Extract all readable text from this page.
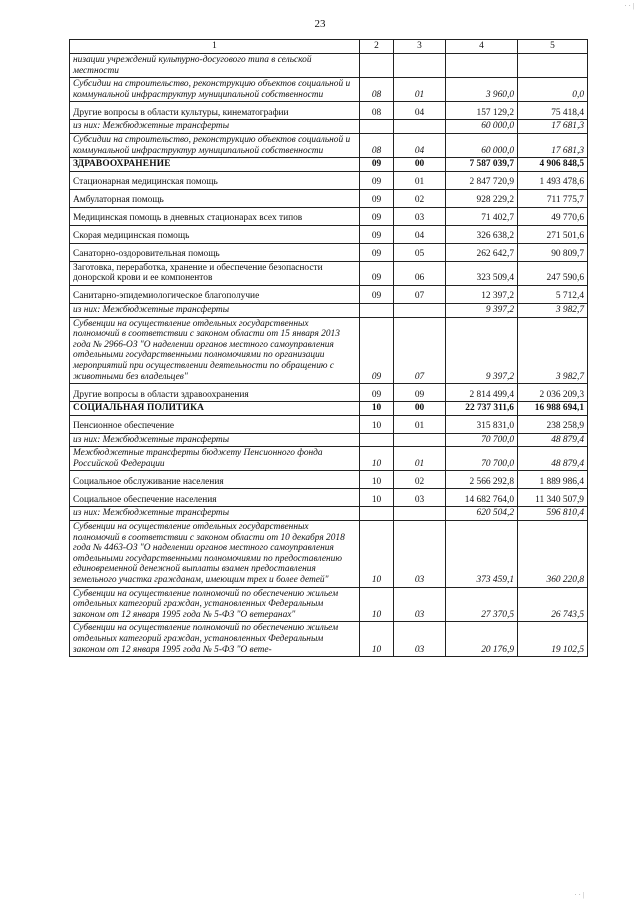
· · |
23
1	2	3	4	5
низации учреждений культурно-досугового типа в сельской местности				
Субсидии на строительство, реконструкцию объектов социальной и коммунальной инфраструктур муниципальной собственности	08	01	3 960,0	0,0
Другие вопросы в области культуры, кинематографии	08	04	157 129,2	75 418,4
из них: Межбюджетные трансферты			60 000,0	17 681,3
Субсидии на строительство, реконструкцию объектов социальной и коммунальной инфраструктур муниципальной собственности	08	04	60 000,0	17 681,3
ЗДРАВООХРАНЕНИЕ	09	00	7 587 039,7	4 906 848,5
Стационарная медицинская помощь	09	01	2 847 720,9	1 493 478,6
Амбулаторная помощь	09	02	928 229,2	711 775,7
Медицинская помощь в дневных стационарах всех типов	09	03	71 402,7	49 770,6
Скорая медицинская помощь	09	04	326 638,2	271 501,6
Санаторно-оздоровительная помощь	09	05	262 642,7	90 809,7
Заготовка, переработка, хранение и обеспечение безопасности донорской крови и ее компонентов	09	06	323 509,4	247 590,6
Санитарно-эпидемиологическое благополучие	09	07	12 397,2	5 712,4
из них: Межбюджетные трансферты			9 397,2	3 982,7
Субвенции на осуществление отдельных государственных полномочий в соответствии с законом области от 15 января 2013 года № 2966-ОЗ "О наделении органов местного самоуправления отдельными государственными полномочиями по организации мероприятий при осуществлении деятельности по обращению с животными без владельцев"	09	07	9 397,2	3 982,7
Другие вопросы в области здравоохранения	09	09	2 814 499,4	2 036 209,3
СОЦИАЛЬНАЯ ПОЛИТИКА	10	00	22 737 311,6	16 988 694,1
Пенсионное обеспечение	10	01	315 831,0	238 258,9
из них: Межбюджетные трансферты			70 700,0	48 879,4
Межбюджетные трансферты бюджету Пенсионного фонда Российской Федерации	10	01	70 700,0	48 879,4
Социальное обслуживание населения	10	02	2 566 292,8	1 889 986,4
Социальное обеспечение населения	10	03	14 682 764,0	11 340 507,9
из них: Межбюджетные трансферты			620 504,2	596 810,4
Субвенции на осуществление отдельных государственных полномочий в соответствии с законом области от 10 декабря 2018 года № 4463-ОЗ "О наделении органов местного самоуправления отдельными государственными полномочиями по предоставлению единовременной денежной выплаты взамен предоставления земельного участка гражданам, имеющим трех и более детей"	10	03	373 459,1	360 220,8
Субвенции на осуществление полномочий по обеспечению жильем отдельных категорий граждан, установленных Федеральным законом от 12 января 1995 года № 5-ФЗ "О ветеранах"	10	03	27 370,5	26 743,5
Субвенции на осуществление полномочий по обеспечению жильем отдельных категорий граждан, установленных Федеральным законом от 12 января 1995 года № 5-ФЗ "О вете-	10	03	20 176,9	19 102,5
· · |
